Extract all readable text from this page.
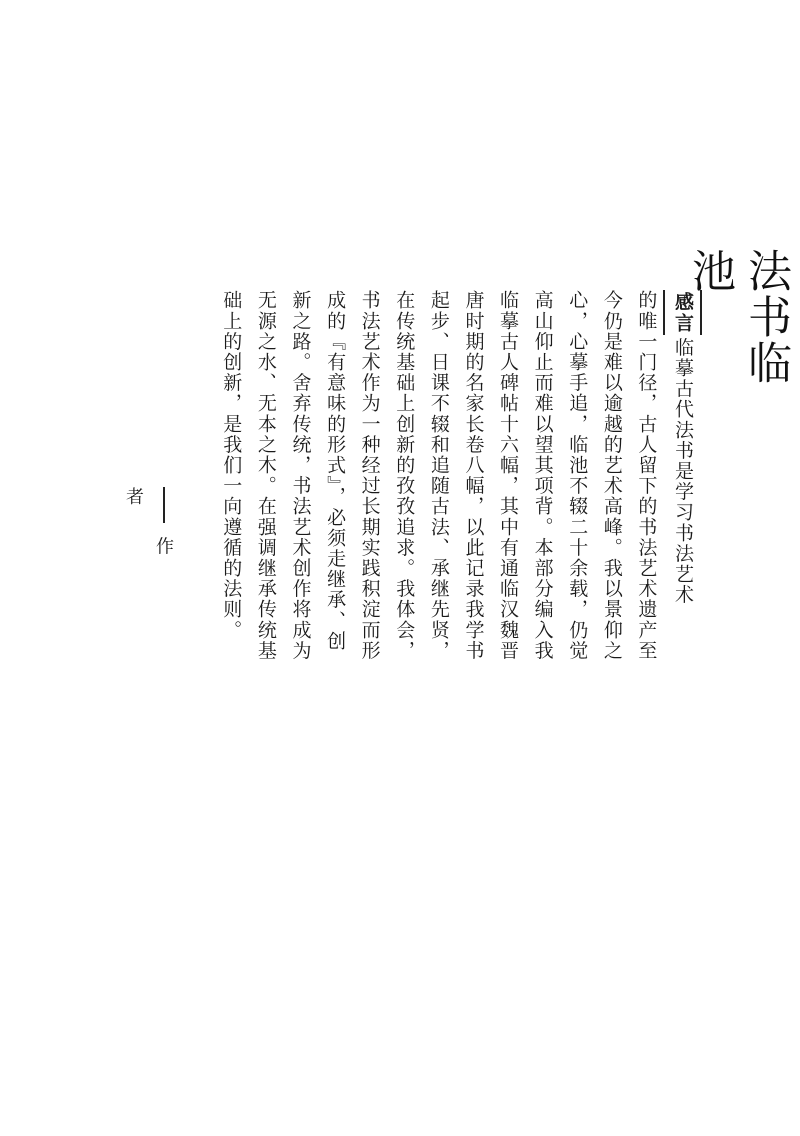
法书临池
感言临摹古代法书是学习书法艺术
的唯一门径，古人留下的书法艺术遗产至
今仍是难以逾越的艺术高峰。我以景仰之
心，心摹手追，临池不辍二十余载，仍觉
高山仰止而难以望其项背。本部分编入我
临摹古人碑帖十六幅，其中有通临汉魏晋
唐时期的名家长卷八幅，以此记录我学书
起步、日课不辍和追随古法、承继先贤，
在传统基础上创新的孜孜追求。我体会，
书法艺术作为一种经过长期实践积淀而形
成的『有意味的形式』，必须走继承、创
新之路。舍弃传统，书法艺术创作将成为
无源之水、无本之木。在强调继承传统基
础上的创新，是我们一向遵循的法则。
作者
